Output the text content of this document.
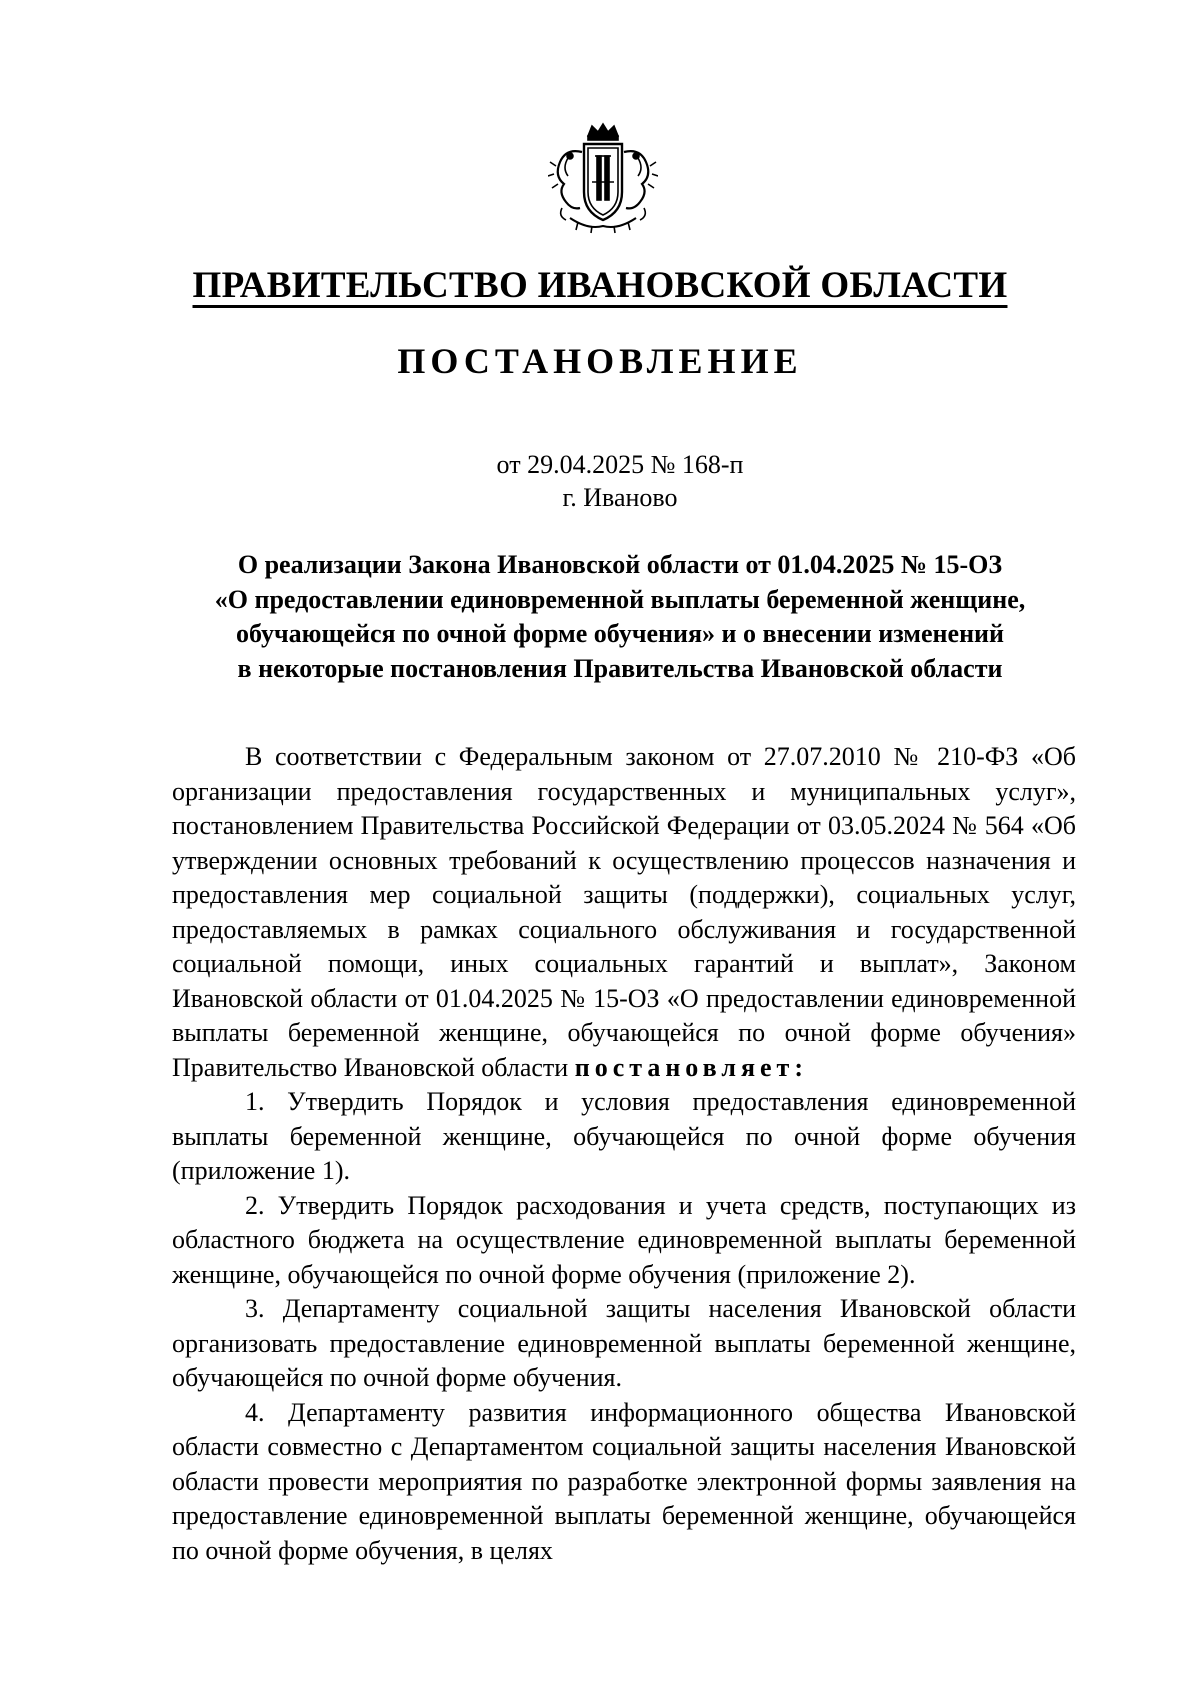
ПРАВИТЕЛЬСТВО ИВАНОВСКОЙ ОБЛАСТИ
ПОСТАНОВЛЕНИЕ
от 29.04.2025 № 168-п
г. Иваново
О реализации Закона Ивановской области от 01.04.2025 № 15-ОЗ
«О предоставлении единовременной выплаты беременной женщине,
обучающейся по очной форме обучения» и о внесении изменений
в некоторые постановления Правительства Ивановской области

В соответствии с Федеральным законом от 27.07.2010 № 210-ФЗ «Об организации предоставления государственных и муниципальных услуг», постановлением Правительства Российской Федерации от 03.05.2024 № 564 «Об утверждении основных требований к осуществлению процессов назначения и предоставления мер социальной защиты (поддержки), социальных услуг, предоставляемых в рамках социального обслуживания и государственной социальной помощи, иных социальных гарантий и выплат», Законом Ивановской области от 01.04.2025 № 15-ОЗ «О предоставлении единовременной выплаты беременной женщине, обучающейся по очной форме обучения» Правительство Ивановской области постановляет:

1. Утвердить Порядок и условия предоставления единовременной выплаты беременной женщине, обучающейся по очной форме обучения (приложение 1).

2. Утвердить Порядок расходования и учета средств, поступающих из областного бюджета на осуществление единовременной выплаты беременной женщине, обучающейся по очной форме обучения (приложение 2).

3. Департаменту социальной защиты населения Ивановской области организовать предоставление единовременной выплаты беременной женщине, обучающейся по очной форме обучения.

4. Департаменту развития информационного общества Ивановской области совместно с Департаментом социальной защиты населения Ивановской области провести мероприятия по разработке электронной формы заявления на предоставление единовременной выплаты беременной женщине, обучающейся по очной форме обучения, в целях
